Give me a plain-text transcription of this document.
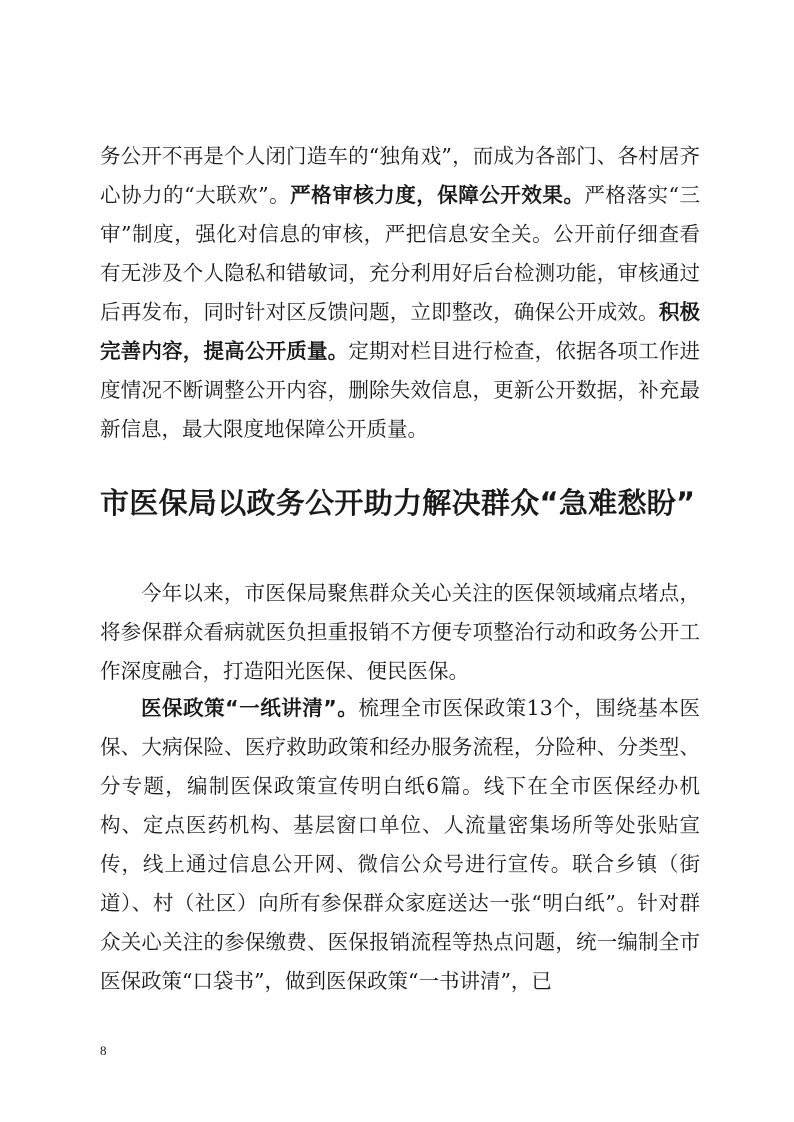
务公开不再是个人闭门造车的“独角戏”，而成为各部门、各村居齐心协力的“大联欢”。严格审核力度，保障公开效果。严格落实“三审”制度，强化对信息的审核，严把信息安全关。公开前仔细查看有无涉及个人隐私和错敏词，充分利用好后台检测功能，审核通过后再发布，同时针对区反馈问题，立即整改，确保公开成效。积极完善内容，提高公开质量。定期对栏目进行检查，依据各项工作进度情况不断调整公开内容，删除失效信息，更新公开数据，补充最新信息，最大限度地保障公开质量。

市医保局以政务公开助力解决群众“急难愁盼”

今年以来，市医保局聚焦群众关心关注的医保领域痛点堵点，将参保群众看病就医负担重报销不方便专项整治行动和政务公开工作深度融合，打造阳光医保、便民医保。

医保政策“一纸讲清”。梳理全市医保政策13个，围绕基本医保、大病保险、医疗救助政策和经办服务流程，分险种、分类型、分专题，编制医保政策宣传明白纸6篇。线下在全市医保经办机构、定点医药机构、基层窗口单位、人流量密集场所等处张贴宣传，线上通过信息公开网、微信公众号进行宣传。联合乡镇（街道）、村（社区）向所有参保群众家庭送达一张“明白纸”。针对群众关心关注的参保缴费、医保报销流程等热点问题，统一编制全市医保政策“口袋书”，做到医保政策“一书讲清”，已

8
